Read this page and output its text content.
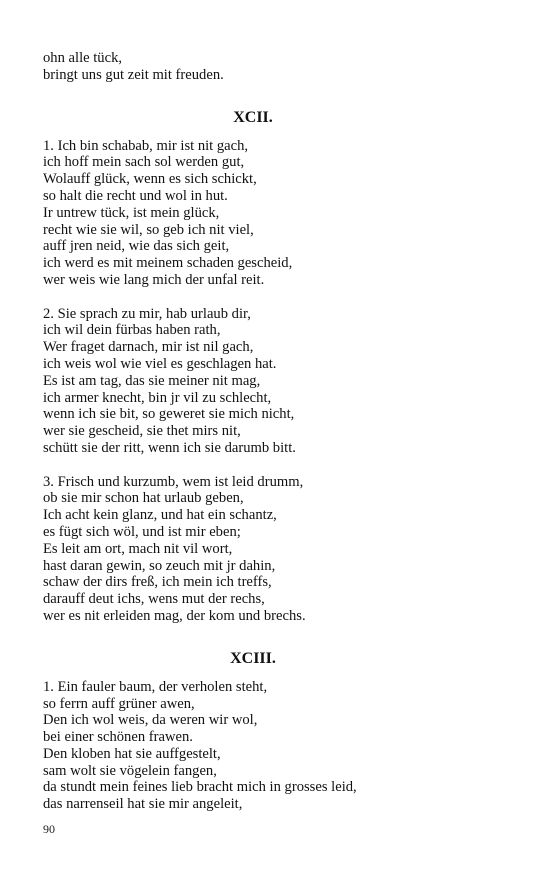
ohn alle tück,
bringt uns gut zeit mit freuden.
XCII.
1. Ich bin schabab, mir ist nit gach,
ich hoff mein sach sol werden gut,
Wolauff glück, wenn es sich schickt,
so halt die recht und wol in hut.
Ir untrew tück, ist mein glück,
recht wie sie wil, so geb ich nit viel,
auff jren neid, wie das sich geit,
ich werd es mit meinem schaden gescheid,
wer weis wie lang mich der unfal reit.
2. Sie sprach zu mir, hab urlaub dir,
ich wil dein fürbas haben rath,
Wer fraget darnach, mir ist nil gach,
ich weis wol wie viel es geschlagen hat.
Es ist am tag, das sie meiner nit mag,
ich armer knecht, bin jr vil zu schlecht,
wenn ich sie bit, so geweret sie mich nicht,
wer sie gescheid, sie thet mirs nit,
schütt sie der ritt, wenn ich sie darumb bitt.
3. Frisch und kurzumb, wem ist leid drumm,
ob sie mir schon hat urlaub geben,
Ich acht kein glanz, und hat ein schantz,
es fügt sich wöl, und ist mir eben;
Es leit am ort, mach nit vil wort,
hast daran gewin, so zeuch mit jr dahin,
schaw der dirs freß, ich mein ich treffs,
darauff deut ichs, wens mut der rechs,
wer es nit erleiden mag, der kom und brechs.
XCIII.
1. Ein fauler baum, der verholen steht,
so ferrn auff grüner awen,
Den ich wol weis, da weren wir wol,
bei einer schönen frawen.
Den kloben hat sie auffgestelt,
sam wolt sie vögelein fangen,
da stundt mein feines lieb bracht mich in grosses leid,
das narrenseil hat sie mir angeleit,
90
